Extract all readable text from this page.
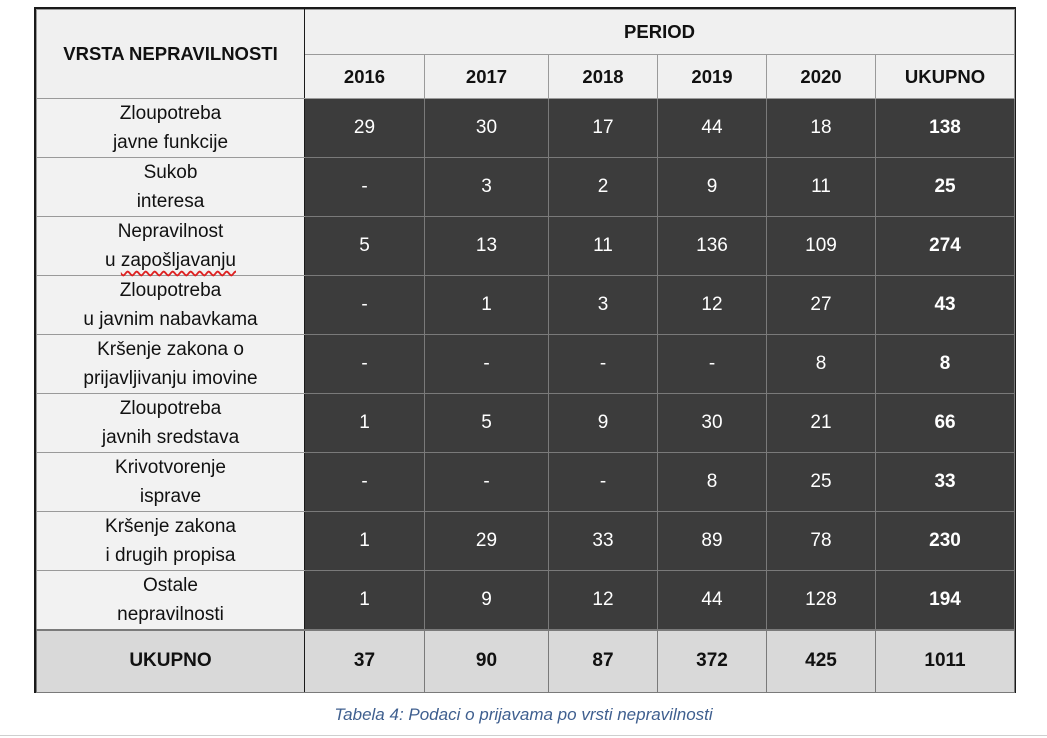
VRSTA NEPRAVILNOSTI	PERIOD					
	2016	2017	2018	2019	2020	UKUPNO
Zloupotreba
javne funkcije	29	30	17	44	18	138
Sukob
interesa	-	3	2	9	11	25
Nepravilnost
u zapošljavanju	5	13	11	136	109	274
Zloupotreba
u javnim nabavkama	-	1	3	12	27	43
Kršenje zakona o
prijavljivanju imovine	-	-	-	-	8	8
Zloupotreba
javnih sredstava	1	5	9	30	21	66
Krivotvorenje
isprave	-	-	-	8	25	33
Kršenje zakona
i drugih propisa	1	29	33	89	78	230
Ostale
nepravilnosti	1	9	12	44	128	194
UKUPNO	37	90	87	372	425	1011
Tabela 4: Podaci o prijavama po vrsti nepravilnosti
